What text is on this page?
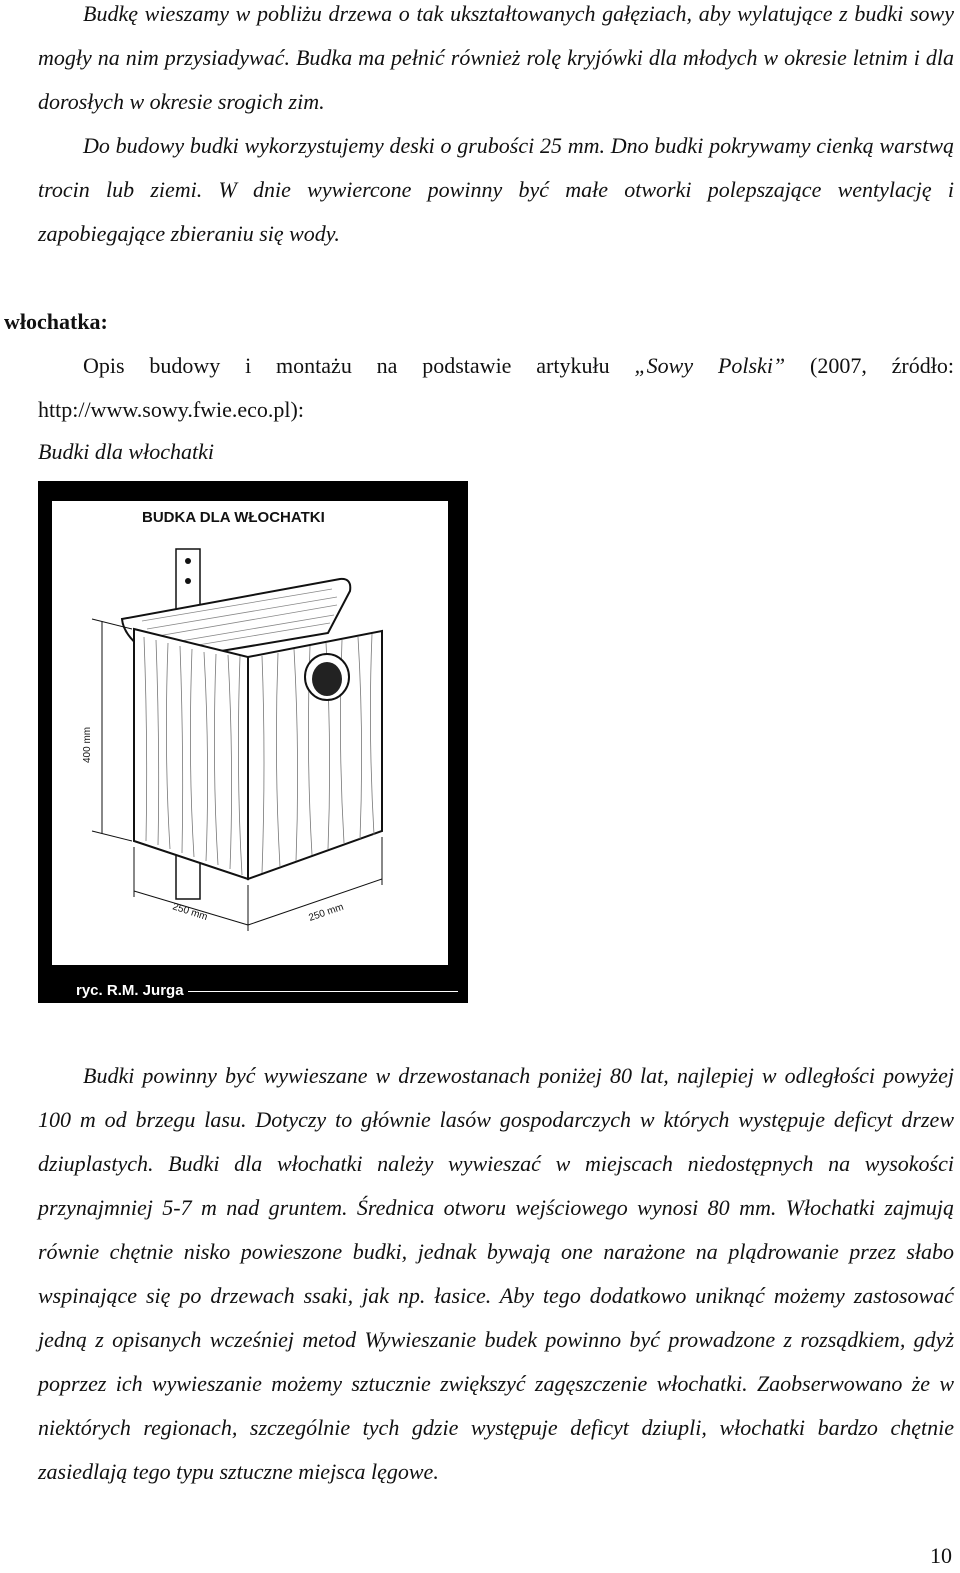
Budkę wieszamy w pobliżu drzewa o tak ukształtowanych gałęziach, aby wylatujące z budki sowy mogły na nim przysiadywać. Budka ma pełnić również rolę kryjówki dla młodych w okresie letnim i dla dorosłych w okresie srogich zim.

Do budowy budki wykorzystujemy deski o grubości 25 mm. Dno budki pokrywamy cienką warstwą trocin lub ziemi. W dnie wywiercone powinny być małe otworki polepszające wentylację i zapobiegające zbieraniu się wody.

włochatka:

Opis budowy i montażu na podstawie artykułu „Sowy Polski” (2007, źródło: http://www.sowy.fwie.eco.pl):

Budki dla włochatki

BUDKA DLA WŁOCHATKI
400 mm
250 mm	250 mm
ryc. R.M. Jurga

Budki powinny być wywieszane w drzewostanach poniżej 80 lat, najlepiej w odległości powyżej 100 m od brzegu lasu. Dotyczy to głównie lasów gospodarczych w których występuje deficyt drzew dziuplastych. Budki dla włochatki należy wywieszać w miejscach niedostępnych na wysokości przynajmniej 5-7 m nad gruntem. Średnica otworu wejściowego wynosi 80 mm. Włochatki zajmują równie chętnie nisko powieszone budki, jednak bywają one narażone na plądrowanie przez słabo wspinające się po drzewach ssaki, jak np. łasice. Aby tego dodatkowo uniknąć możemy zastosować jedną z opisanych wcześniej metod Wywieszanie budek powinno być prowadzone z rozsądkiem, gdyż poprzez ich wywieszanie możemy sztucznie zwiększyć zagęszczenie włochatki. Zaobserwowano że w niektórych regionach, szczególnie tych gdzie występuje deficyt dziupli, włochatki bardzo chętnie zasiedlają tego typu sztuczne miejsca lęgowe.

10
